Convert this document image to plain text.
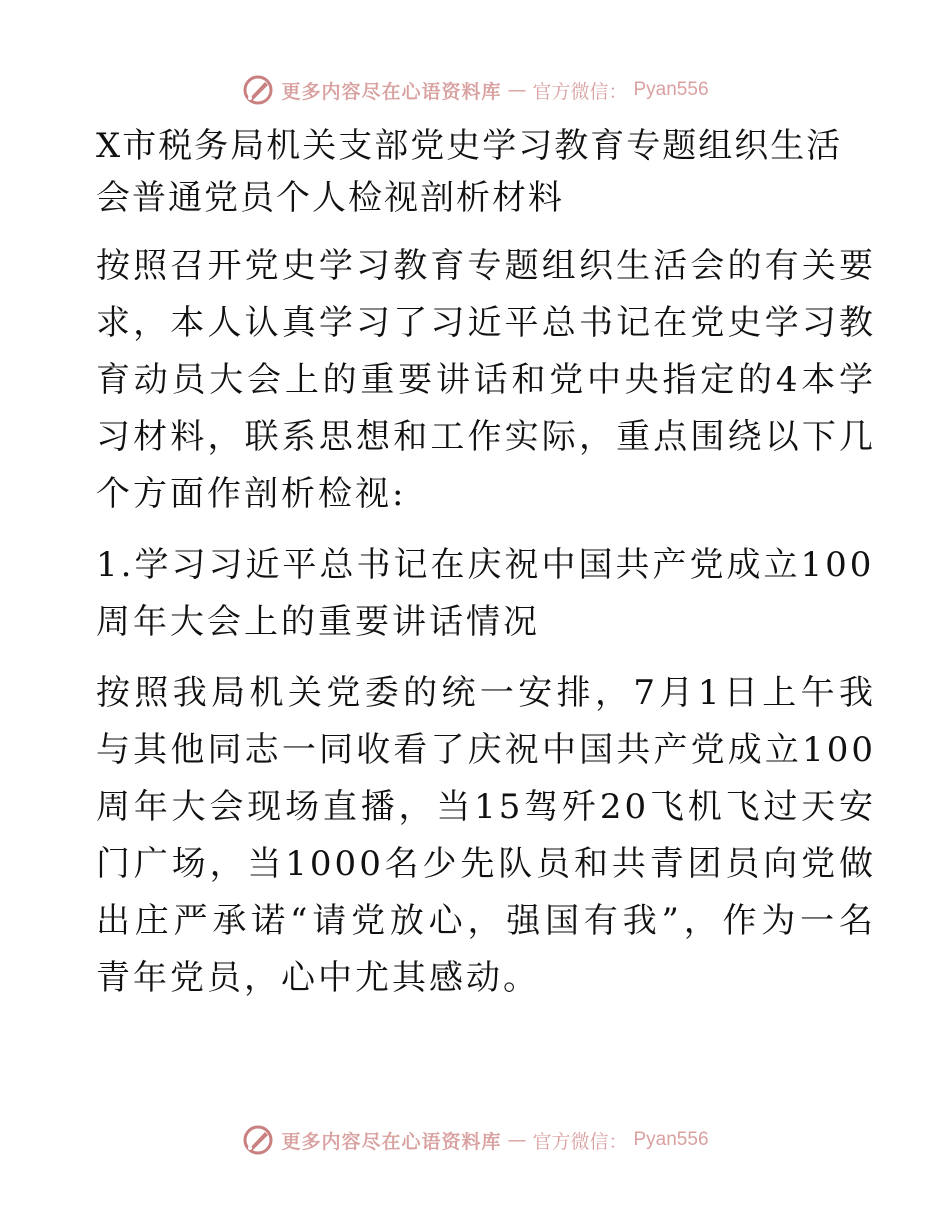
更多内容尽在心语资料库 — 官方微信： Pyan556
X市税务局机关支部党史学习教育专题组织生活会普通党员个人检视剖析材料

按照召开党史学习教育专题组织生活会的有关要求，本人认真学习了习近平总书记在党史学习教育动员大会上的重要讲话和党中央指定的4本学习材料，联系思想和工作实际，重点围绕以下几个方面作剖析检视:

1.学习习近平总书记在庆祝中国共产党成立100周年大会上的重要讲话情况

按照我局机关党委的统一安排，7月1日上午我与其他同志一同收看了庆祝中国共产党成立100周年大会现场直播，当15驾歼20飞机飞过天安门广场，当1000名少先队员和共青团员向党做出庄严承诺“请党放心，强国有我”，作为一名青年党员，心中尤其感动。

更多内容尽在心语资料库 — 官方微信： Pyan556
